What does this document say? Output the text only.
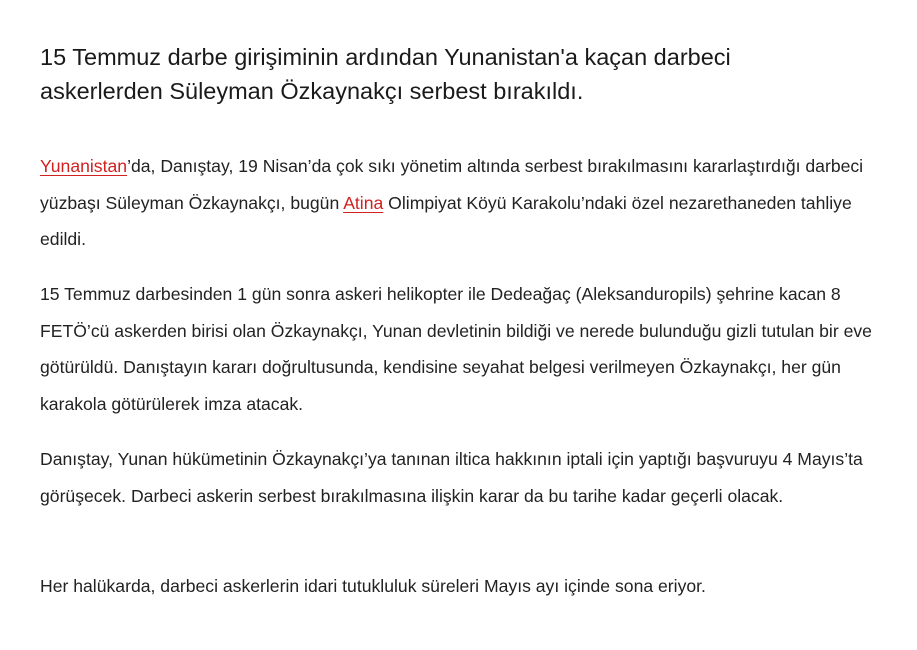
15 Temmuz darbe girişiminin ardından Yunanistan'a kaçan darbeci askerlerden Süleyman Özkaynakçı serbest bırakıldı.

Yunanistan’da, Danıştay, 19 Nisan’da çok sıkı yönetim altında serbest bırakılmasını kararlaştırdığı darbeci yüzbaşı Süleyman Özkaynakçı, bugün Atina Olimpiyat Köyü Karakolu’ndaki özel nezarethaneden tahliye edildi.

15 Temmuz darbesinden 1 gün sonra askeri helikopter ile Dedeağaç (Aleksanduropils) şehrine kacan 8 FETÖ’cü askerden birisi olan Özkaynakçı, Yunan devletinin bildiği ve nerede bulunduğu gizli tutulan bir eve götürüldü. Danıştayın kararı doğrultusunda, kendisine seyahat belgesi verilmeyen Özkaynakçı, her gün karakola götürülerek imza atacak.

Danıştay, Yunan hükümetinin Özkaynakçı’ya tanınan iltica hakkının iptali için yaptığı başvuruyu 4 Mayıs’ta görüşecek. Darbeci askerin serbest bırakılmasına ilişkin karar da bu tarihe kadar geçerli olacak.

Her halükarda, darbeci askerlerin idari tutukluluk süreleri Mayıs ayı içinde sona eriyor.
